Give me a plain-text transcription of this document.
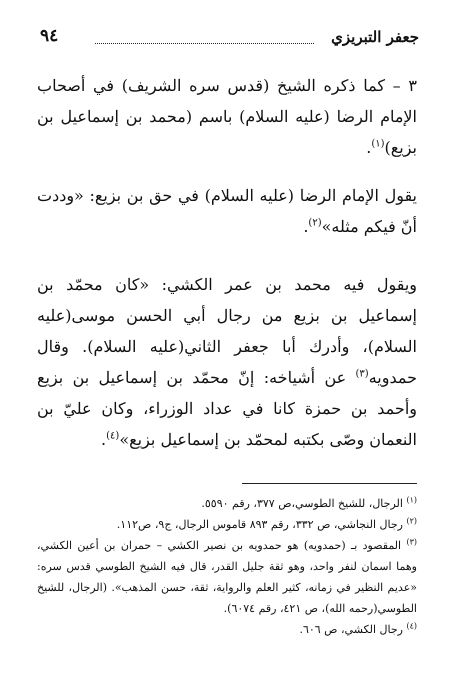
جعفر التبريزي
٩٤

٣ – كما ذكره الشيخ (قدس سره الشريف) في أصحاب الإمام الرضا (عليه السلام) باسم (محمد بن إسماعيل بن بزيع)$^{(١)}$.

يقول الإمام الرضا (عليه السلام) في حق بن بزيع: «وددت أنّ فيكم مثله»$^{(٢)}$.

ويقول فيه محمد بن عمر الكشي: «كان محمّد بن إسماعيل بن بزيع من رجال أبي الحسن موسى(عليه السلام)، وأدرك أبا جعفر الثاني(عليه السلام). وقال حمدويه$^{(٣)}$ عن أشياخه: إنّ محمّد بن إسماعيل بن بزيع وأحمد بن حمزة كانا في عداد الوزراء، وكان عليّ بن النعمان وصّى بكتبه لمحمّد بن إسماعيل بزيع»$^{(٤)}$.

$^{(١)}$ الرجال، للشيخ الطوسي،ص ٣٧٧، رقم ٥٥٩٠.

$^{(٢)}$ رجال النجاشي، ص ٣٣٢، رقم ٨٩٣ قاموس الرجال، ج٩، ص١١٢.

$^{(٣)}$ المقصود بـ (حمدويه) هو حمدويه بن نصير الكشي – حمران بن أعين الكشي، وهما اسمان لنفر واحد، وهو ثقة جليل القدر، قال فيه الشيخ الطوسي قدس سره: «عديم النظير في زمانه، كثير العلم والرواية، ثقة، حسن المذهب». (الرجال، للشيخ الطوسي(رحمه الله)، ص ٤٢١، رقم ٦٠٧٤).

$^{(٤)}$ رجال الكشي، ص ٦٠٦.
